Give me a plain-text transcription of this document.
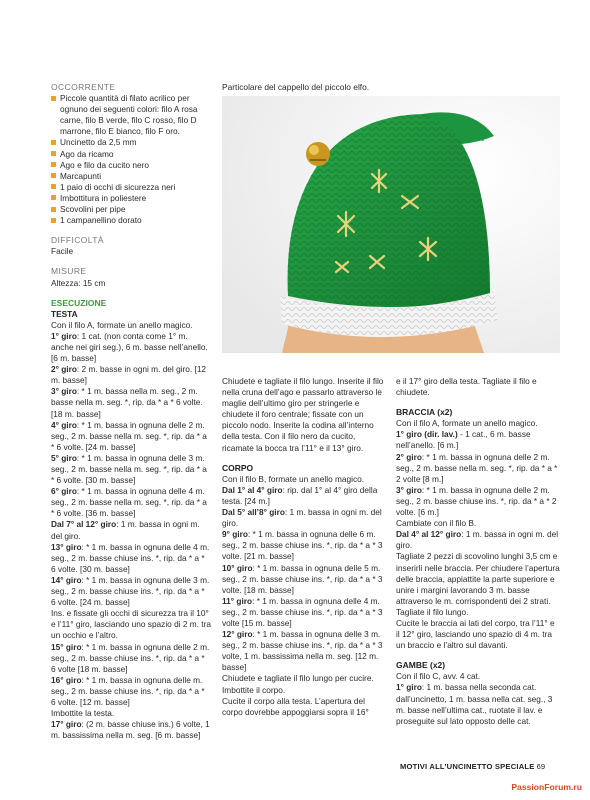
OCCORRENTE
Piccole quantità di filato acrilico per ognuno dei seguenti colori: filo A rosa carne, filo B verde, filo C rosso, filo D marrone, filo E bianco, filo F oro.
Uncinetto da 2,5 mm
Ago da ricamo
Ago e filo da cucito nero
Marcapunti
1 paio di occhi di sicurezza neri
Imbottitura in poliestere
Scovolini per pipe
1 campanellino dorato
DIFFICOLTÀ

Facile

MISURE

Altezza: 15 cm

ESECUZIONE
TESTA

Con il filo A, formate un anello magico.

1° giro: 1 cat. (non conta come 1° m. anche nei giri seg.), 6 m. basse nell’anello. [6 m. basse]

2° giro: 2 m. basse in ogni m. del giro. [12 m. basse]

3° giro: * 1 m. bassa nella m. seg., 2 m. basse nella m. seg. *, rip. da * a * 6 volte. [18 m. basse]

4° giro: * 1 m. bassa in ognuna delle 2 m. seg., 2 m. basse nella m. seg. *, rip. da * a * 6 volte. [24 m. basse]

5° giro: * 1 m. bassa in ognuna delle 3 m. seg., 2 m. basse nella m. seg. *, rip. da * a * 6 volte. [30 m. basse]

6° giro: * 1 m. bassa in ognuna delle 4 m. seg., 2 m. basse nella m. seg. *, rip. da * a * 6 volte. [36 m. basse]

Dal 7° al 12° giro: 1 m. bassa in ogni m. del giro.

13° giro: * 1 m. bassa in ognuna delle 4 m. seg., 2 m. basse chiuse ins. *, rip. da * a * 6 volte. [30 m. basse]

14° giro: * 1 m. bassa in ognuna delle 3 m. seg., 2 m. basse chiuse ins. *, rip. da * a * 6 volte. [24 m. basse]

Ins. e fissate gli occhi di sicurezza tra il 10° e l’11° giro, lasciando uno spazio di 2 m. tra un occhio e l’altro.

15° giro: * 1 m. bassa in ognuna delle 2 m. seg., 2 m. basse chiuse ins. *, rip. da * a * 6 volte [18 m. basse]

16° giro: * 1 m. bassa in ognuna delle m. seg., 2 m. basse chiuse ins. *, rip. da * a * 6 volte. [12 m. basse]

Imbottite la testa.

17° giro: (2 m. basse chiuse ins.) 6 volte, 1 m. bassissima nella m. seg. [6 m. basse]

Particolare del cappello del piccolo elfo.

Chiudete e tagliate il filo lungo. Inserite il filo nella cruna dell’ago e passarlo attraverso le maglie dell’ultimo giro per stringerle e chiudete il foro centrale; fissate con un piccolo nodo. Inserite la codina all’interno della testa. Con il filo nero da cucito, ricamate la bocca tra l’11° e il 13° giro.

CORPO

Con il filo B, formate un anello magico.

Dal 1° al 4° giro: rip. dal 1° al 4° giro della testa. [24 m.]

Dal 5° all’8° giro: 1 m. bassa in ogni m. del giro.

9° giro: * 1 m. bassa in ognuna delle 6 m. seg., 2 m. basse chiuse ins. *, rip. da * a * 3 volte. [21 m. basse]

10° giro: * 1 m. bassa in ognuna delle 5 m. seg., 2 m. basse chiuse ins. *, rip. da * a * 3 volte. [18 m. basse]

11° giro: * 1 m. bassa in ognuna delle 4 m. seg., 2 m. basse chiuse ins. *, rip. da * a * 3 volte [15 m. basse]

12° giro: * 1 m. bassa in ognuna delle 3 m. seg., 2 m. basse chiuse ins. *, rip. da * a * 3 volte, 1 m. bassissima nella m. seg. [12 m. basse]

Chiudete e tagliate il filo lungo per cucire.

Imbottite il corpo.

Cucite il corpo alla testa. L’apertura del corpo dovrebbe appoggiarsi sopra il 16°

e il 17° giro della testa. Tagliate il filo e chiudete.

BRACCIA (x2)

Con il filo A, formate un anello magico.

1° giro (dir. lav.) - 1 cat., 6 m. basse nell’anello. [6 m.]

2° giro: * 1 m. bassa in ognuna delle 2 m. seg., 2 m. basse nella m. seg. *, rip. da * a * 2 volte [8 m.]

3° giro: * 1 m. bassa in ognuna delle 2 m. seg., 2 m. basse chiuse ins. *, rip. da * a * 2 volte. [6 m.]

Cambiate con il filo B.

Dal 4° al 12° giro: 1 m. bassa in ogni m. del giro.

Tagliate 2 pezzi di scovolino lunghi 3,5 cm e inserirli nelle braccia. Per chiudere l’apertura delle braccia, appiattite la parte superiore e unire i margini lavorando 3 m. basse attraverso le m. corrispondenti dei 2 strati.

Tagliate il filo lungo.

Cucite le braccia ai lati del corpo, tra l’11° e il 12° giro, lasciando uno spazio di 4 m. tra un braccio e l’altro sul davanti.

GAMBE (x2)

Con il filo C, avv. 4 cat.

1° giro: 1 m. bassa nella seconda cat. dall’uncinetto, 1 m. bassa nella cat. seg., 3 m. basse nell’ultima cat., ruotate il lav. e proseguite sul lato opposto delle cat.

MOTIVI ALL’UNCINETTO SPECIALE 69
PassionForum.ru
